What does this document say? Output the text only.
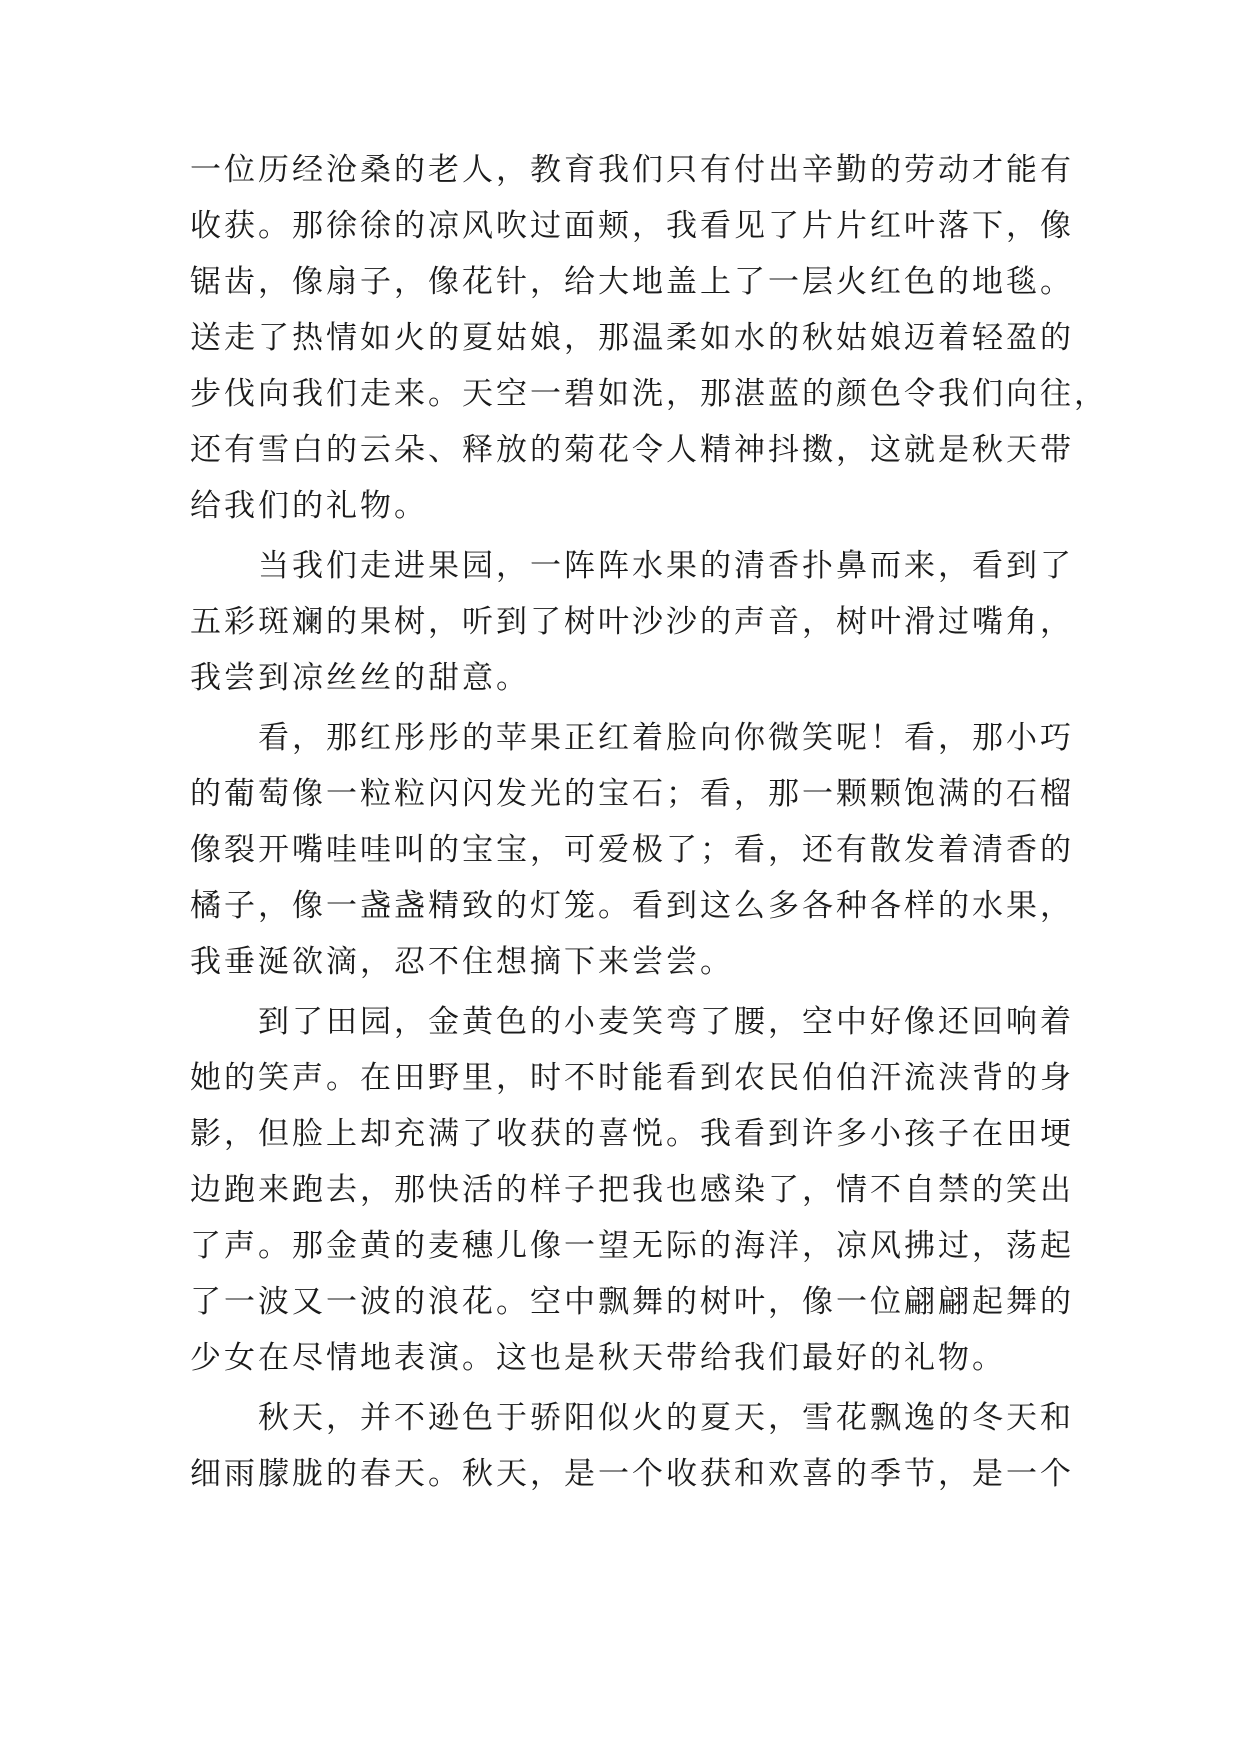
一位历经沧桑的老人，教育我们只有付出辛勤的劳动才能有
收获。那徐徐的凉风吹过面颊，我看见了片片红叶落下，像
锯齿，像扇子，像花针，给大地盖上了一层火红色的地毯。
送走了热情如火的夏姑娘，那温柔如水的秋姑娘迈着轻盈的
步伐向我们走来。天空一碧如洗，那湛蓝的颜色令我们向往，
还有雪白的云朵、释放的菊花令人精神抖擞，这就是秋天带
给我们的礼物。
　　当我们走进果园，一阵阵水果的清香扑鼻而来，看到了
五彩斑斓的果树，听到了树叶沙沙的声音，树叶滑过嘴角，
我尝到凉丝丝的甜意。
　　看，那红彤彤的苹果正红着脸向你微笑呢！看，那小巧
的葡萄像一粒粒闪闪发光的宝石；看，那一颗颗饱满的石榴
像裂开嘴哇哇叫的宝宝，可爱极了；看，还有散发着清香的
橘子，像一盏盏精致的灯笼。看到这么多各种各样的水果，
我垂涎欲滴，忍不住想摘下来尝尝。
　　到了田园，金黄色的小麦笑弯了腰，空中好像还回响着
她的笑声。在田野里，时不时能看到农民伯伯汗流浃背的身
影，但脸上却充满了收获的喜悦。我看到许多小孩子在田埂
边跑来跑去，那快活的样子把我也感染了，情不自禁的笑出
了声。那金黄的麦穗儿像一望无际的海洋，凉风拂过，荡起
了一波又一波的浪花。空中飘舞的树叶，像一位翩翩起舞的
少女在尽情地表演。这也是秋天带给我们最好的礼物。
　　秋天，并不逊色于骄阳似火的夏天，雪花飘逸的冬天和
细雨朦胧的春天。秋天，是一个收获和欢喜的季节，是一个
